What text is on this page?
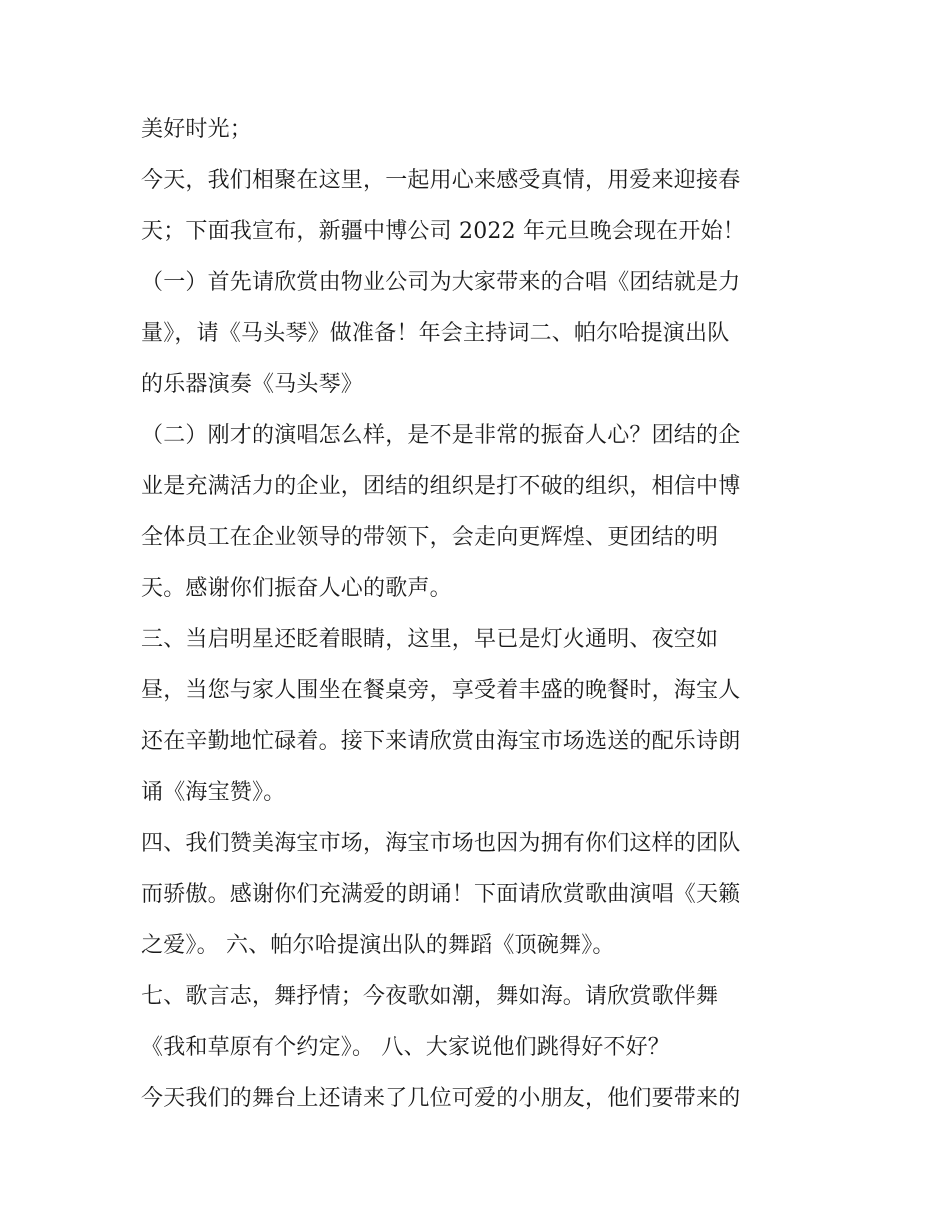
美好时光；
今天，我们相聚在这里，一起用心来感受真情，用爱来迎接春
天；下面我宣布，新疆中博公司 2022 年元旦晚会现在开始！
（一）首先请欣赏由物业公司为大家带来的合唱《团结就是力
量》，请《马头琴》做准备！年会主持词二、帕尔哈提演出队
的乐器演奏《马头琴》
（二）刚才的演唱怎么样，是不是非常的振奋人心？团结的企
业是充满活力的企业，团结的组织是打不破的组织，相信中博
全体员工在企业领导的带领下，会走向更辉煌、更团结的明
天。感谢你们振奋人心的歌声。
三、当启明星还眨着眼睛，这里，早已是灯火通明、夜空如
昼，当您与家人围坐在餐桌旁，享受着丰盛的晚餐时，海宝人
还在辛勤地忙碌着。接下来请欣赏由海宝市场选送的配乐诗朗
诵《海宝赞》。
四、我们赞美海宝市场，海宝市场也因为拥有你们这样的团队
而骄傲。感谢你们充满爱的朗诵！下面请欣赏歌曲演唱《天籁
之爱》。 六、帕尔哈提演出队的舞蹈《顶碗舞》。
七、歌言志，舞抒情；今夜歌如潮，舞如海。请欣赏歌伴舞
《我和草原有个约定》。 八、大家说他们跳得好不好？
今天我们的舞台上还请来了几位可爱的小朋友，他们要带来的
